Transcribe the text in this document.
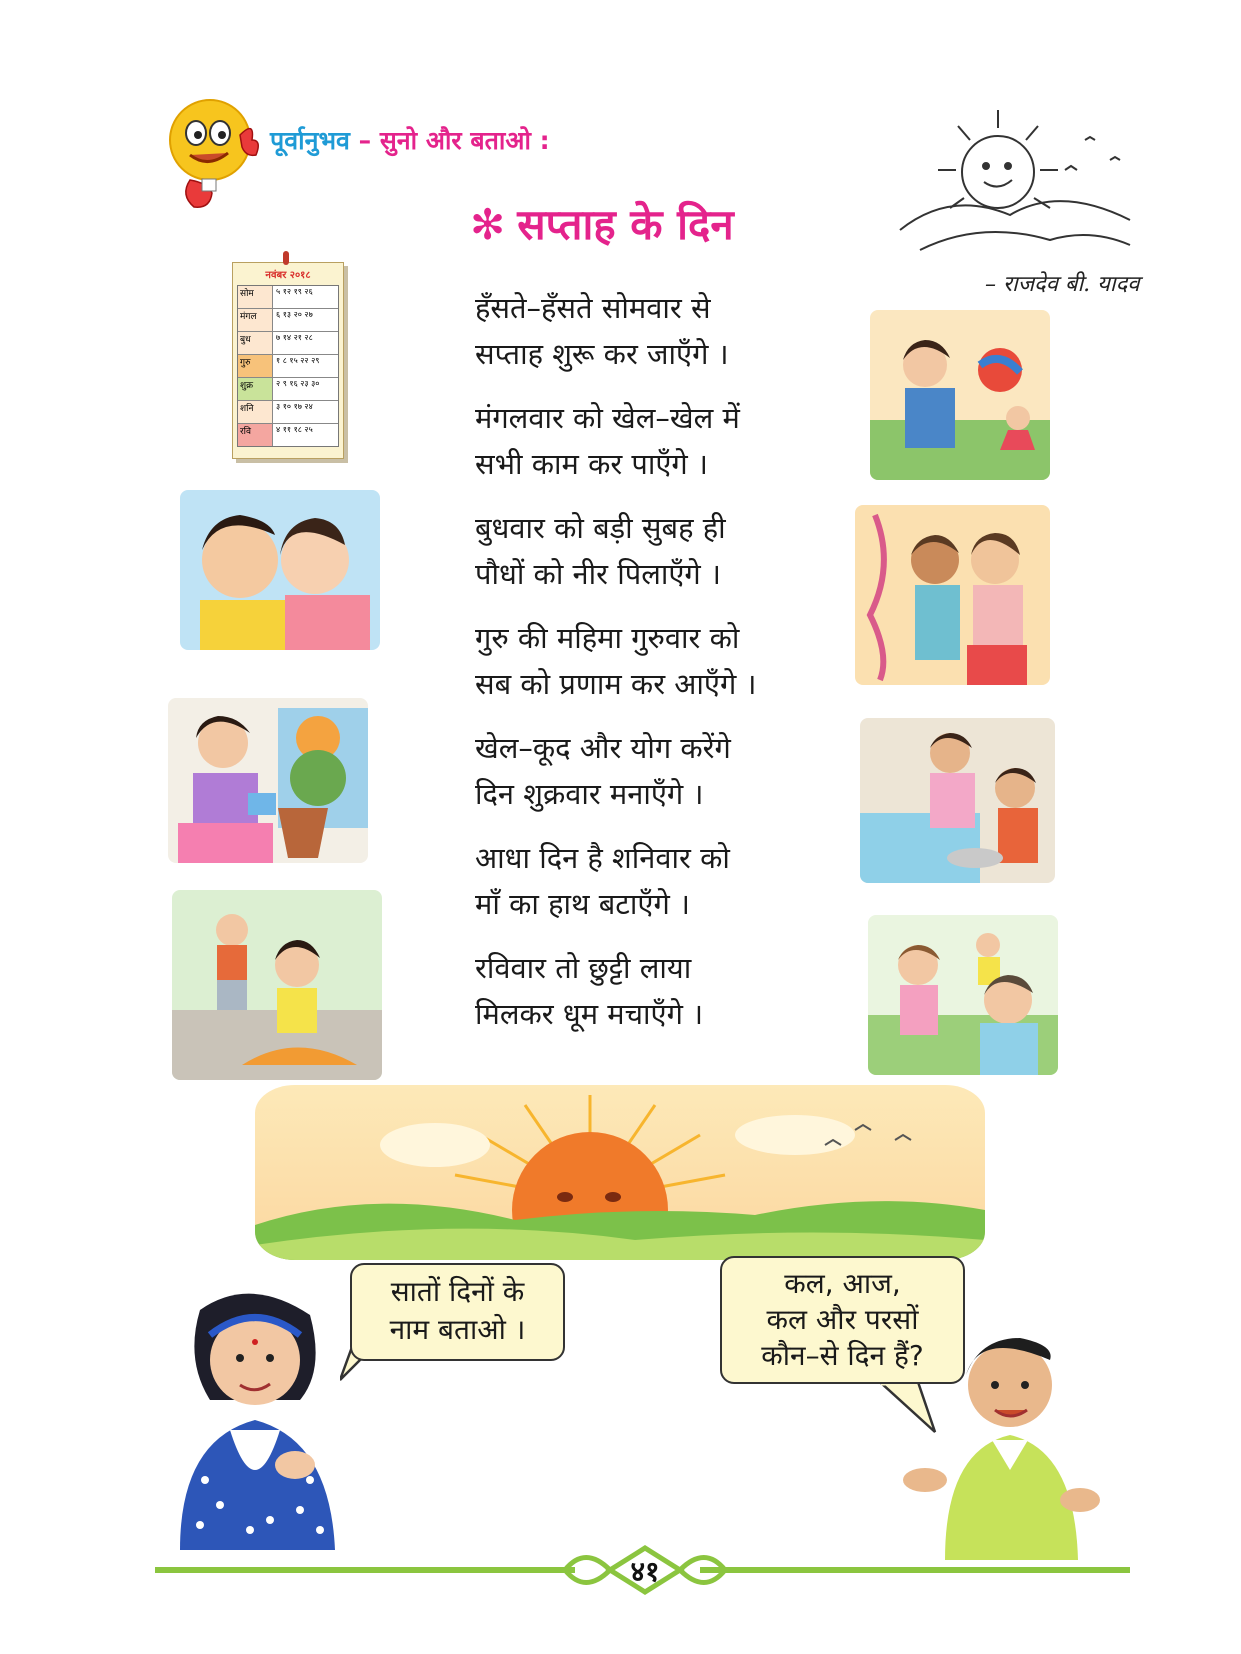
पूर्वानुभव – सुनो और बताओ :
✻ सप्ताह के दिन
– राजदेव बी. यादव
हँसते–हँसते सोमवार से
सप्ताह शुरू कर जाएँगे ।
मंगलवार को खेल–खेल में
सभी काम कर पाएँगे ।
बुधवार को बड़ी सुबह ही
पौधों को नीर पिलाएँगे ।
गुरु की महिमा गुरुवार को
सब को प्रणाम कर आएँगे ।
खेल–कूद और योग करेंगे
दिन शुक्रवार मनाएँगे ।
आधा दिन है शनिवार को
माँ का हाथ बटाएँगे ।
रविवार तो छुट्टी लाया
मिलकर धूम मचाएँगे ।
नवंबर २०१८
सोम	५ १२ १९ २६
मंगल	६ १३ २० २७
बुध	७ १४ २१ २८
गुरु	१ ८ १५ २२ २९
शुक्र	२ ९ १६ २३ ३०
शनि	३ १० १७ २४
रवि	४ ११ १८ २५
सातों दिनों के
नाम बताओ ।
कल, आज,
कल और परसों
कौन–से दिन हैं?
४१
